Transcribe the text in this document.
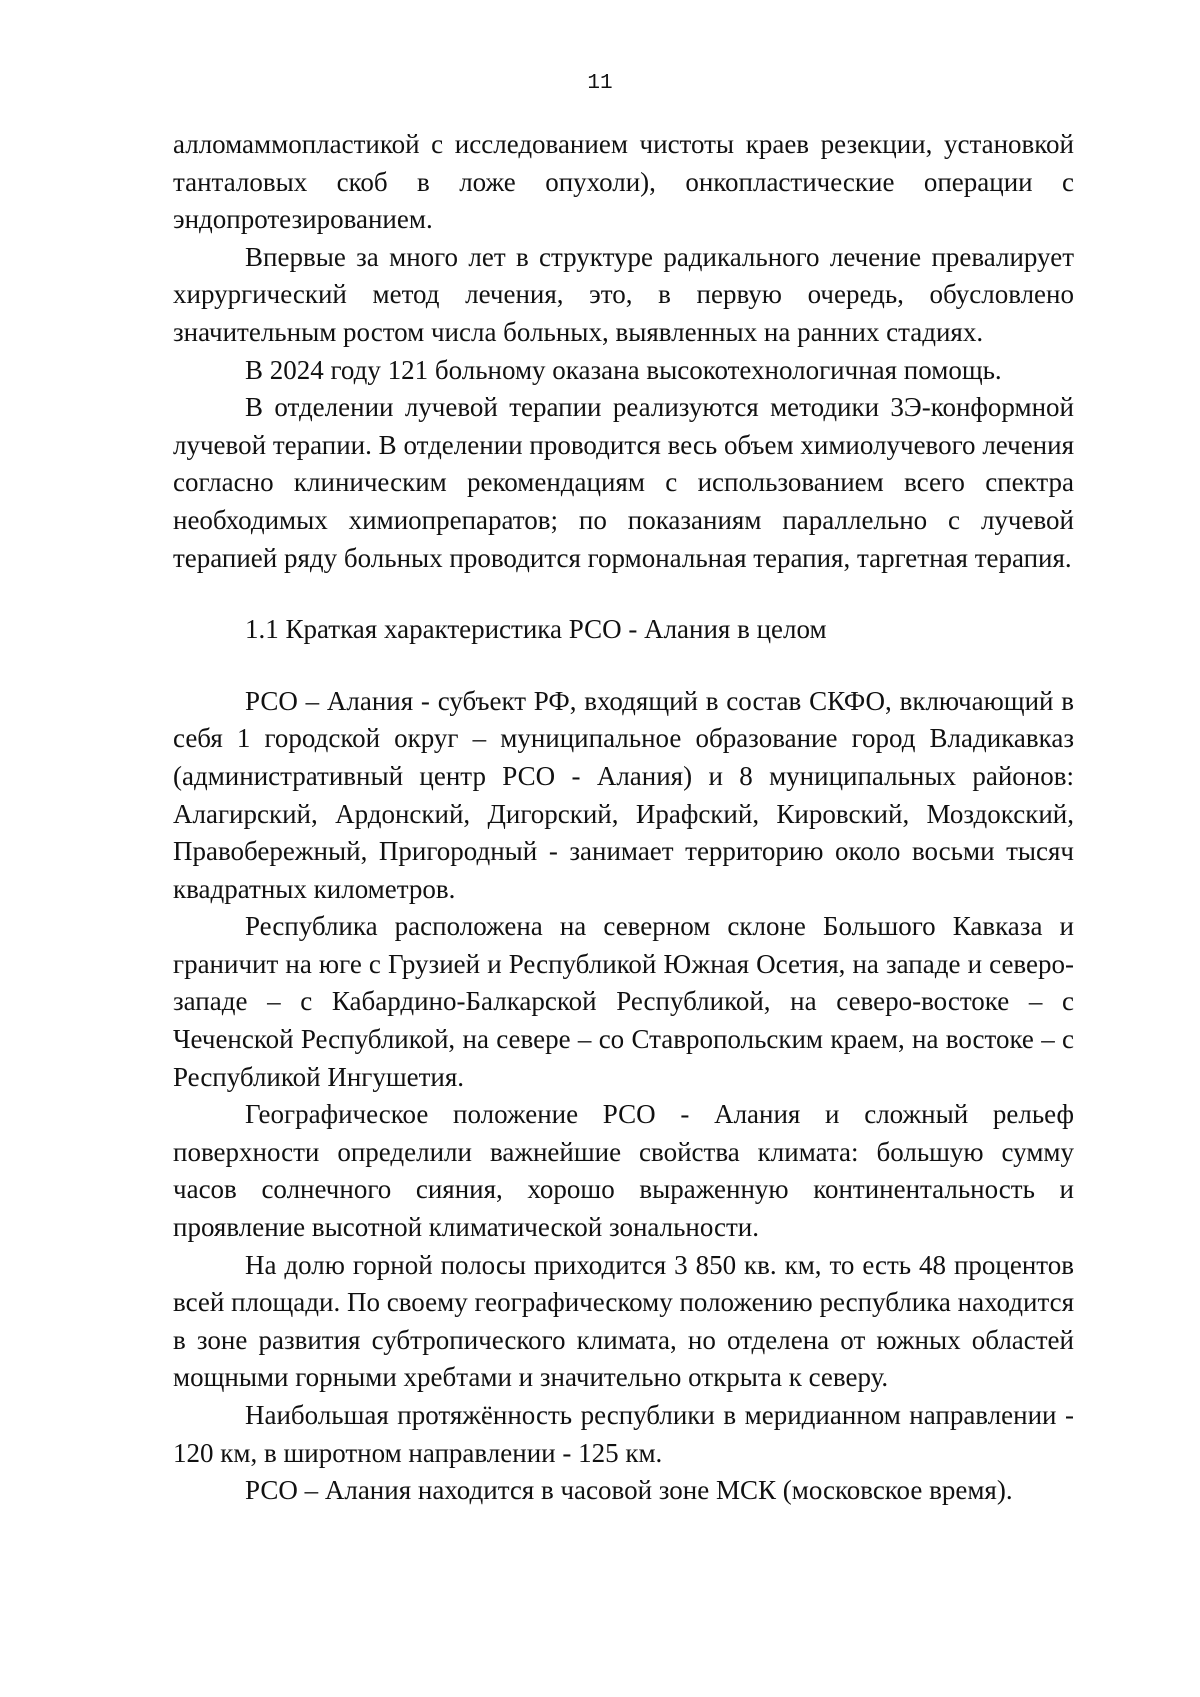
11

алломаммопластикой с исследованием чистоты краев резекции, установкой танталовых скоб в ложе опухоли), онкопластические операции с эндопротезированием.

Впервые за много лет в структуре радикального лечение превалирует хирургический метод лечения, это, в первую очередь, обусловлено значительным ростом числа больных, выявленных на ранних стадиях.

В 2024 году 121 больному оказана высокотехнологичная помощь.

В отделении лучевой терапии реализуются методики 3Э-конформной лучевой терапии. В отделении проводится весь объем химиолучевого лечения согласно клиническим рекомендациям с использованием всего спектра необходимых химиопрепаратов; по показаниям параллельно с лучевой терапией ряду больных проводится гормональная терапия, таргетная терапия.

1.1 Краткая характеристика РСО - Алания в целом

РСО – Алания - субъект РФ, входящий в состав СКФО, включающий в себя 1 городской округ – муниципальное образование город Владикавказ (административный центр РСО - Алания) и 8 муниципальных районов: Алагирский, Ардонский, Дигорский, Ирафский, Кировский, Моздокский, Правобережный, Пригородный - занимает территорию около восьми тысяч квадратных километров.

Республика расположена на северном склоне Большого Кавказа и граничит на юге с Грузией и Республикой Южная Осетия, на западе и северо-западе – с Кабардино-Балкарской Республикой, на северо-востоке – с Чеченской Республикой, на севере – со Ставропольским краем, на востоке – с Республикой Ингушетия.

Географическое положение РСО - Алания и сложный рельеф поверхности определили важнейшие свойства климата: большую сумму часов солнечного сияния, хорошо выраженную континентальность и проявление высотной климатической зональности.

На долю горной полосы приходится 3 850 кв. км, то есть 48 процентов всей площади. По своему географическому положению республика находится в зоне развития субтропического климата, но отделена от южных областей мощными горными хребтами и значительно открыта к северу.

Наибольшая протяжённость республики в меридианном направлении - 120 км, в широтном направлении - 125 км.

РСО – Алания находится в часовой зоне МСК (московское время).
